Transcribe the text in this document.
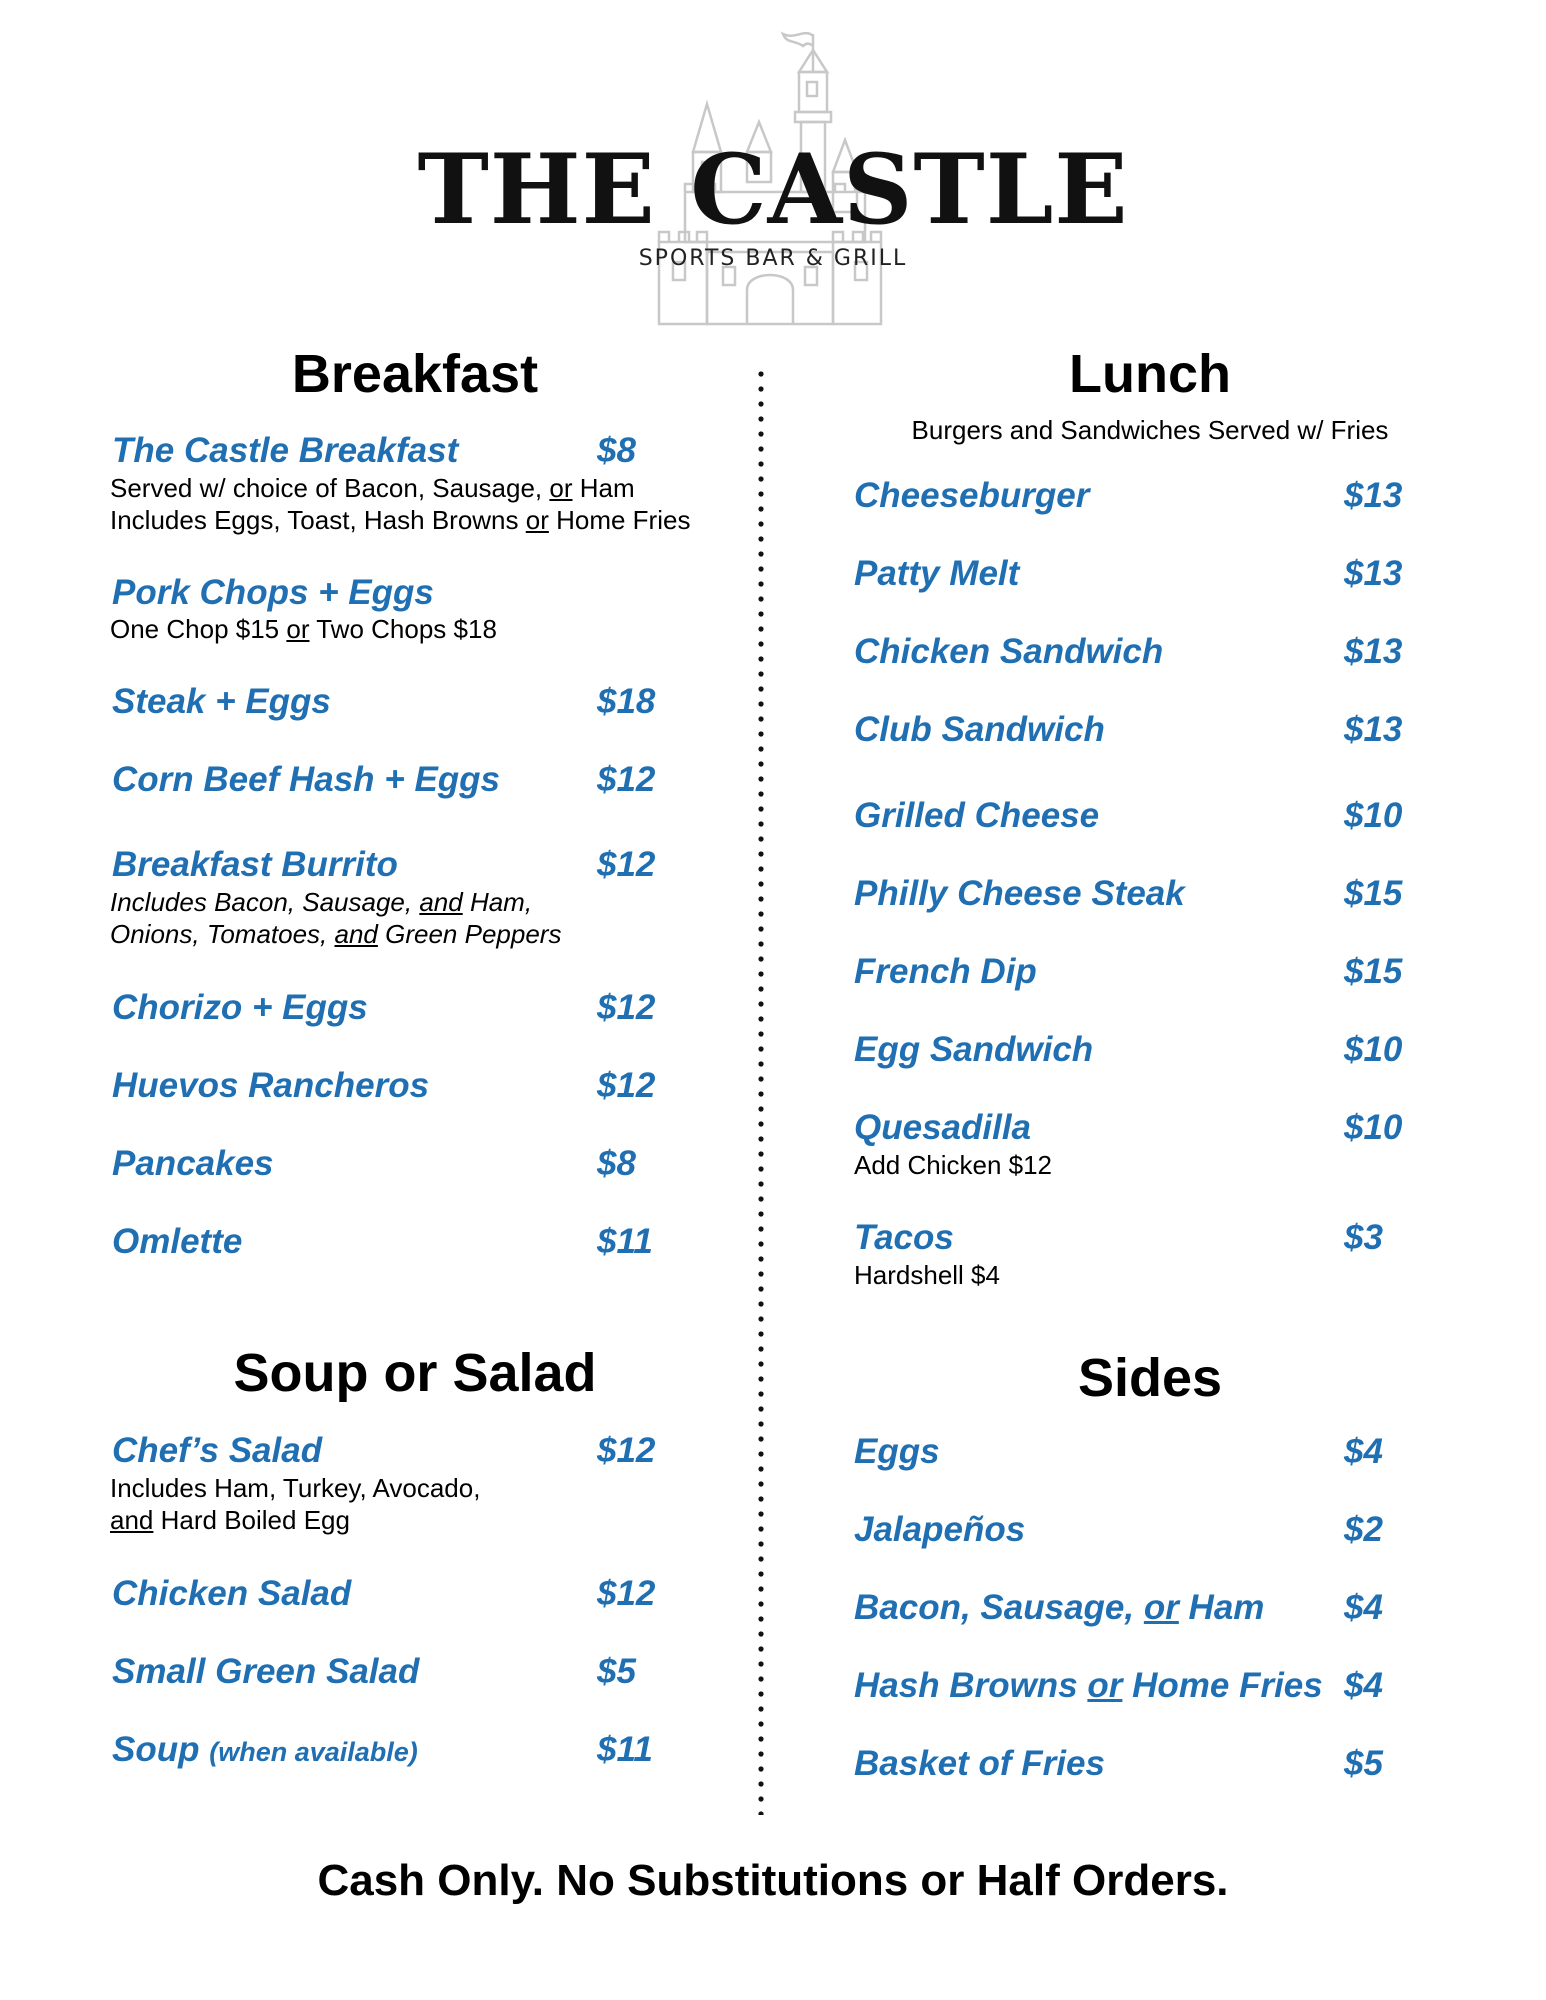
THE CASTLE
SPORTS BAR & GRILL
Breakfast
The Castle Breakfast	$8
Served w/ choice of Bacon, Sausage, or Ham
Includes Eggs, Toast, Hash Browns or Home Fries
Pork Chops + Eggs
One Chop $15 or Two Chops $18
Steak + Eggs	$18
Corn Beef Hash + Eggs	$12
Breakfast Burrito	$12
Includes Bacon, Sausage, and Ham,
Onions, Tomatoes, and Green Peppers
Chorizo + Eggs	$12
Huevos Rancheros	$12
Pancakes	$8
Omlette	$11
Soup or Salad
Chef’s Salad	$12
Includes Ham, Turkey, Avocado,
and Hard Boiled Egg
Chicken Salad	$12
Small Green Salad	$5
Soup (when available)	$11
Lunch
Burgers and Sandwiches Served w/ Fries
Cheeseburger	$13
Patty Melt	$13
Chicken Sandwich	$13
Club Sandwich	$13
Grilled Cheese	$10
Philly Cheese Steak	$15
French Dip	$15
Egg Sandwich	$10
Quesadilla	$10
Add Chicken $12
Tacos	$3
Hardshell $4
Sides
Eggs	$4
Jalapeños	$2
Bacon, Sausage, or Ham $4
Hash Browns or Home Fries $4
Basket of Fries	$5
Cash Only. No Substitutions or Half Orders.
